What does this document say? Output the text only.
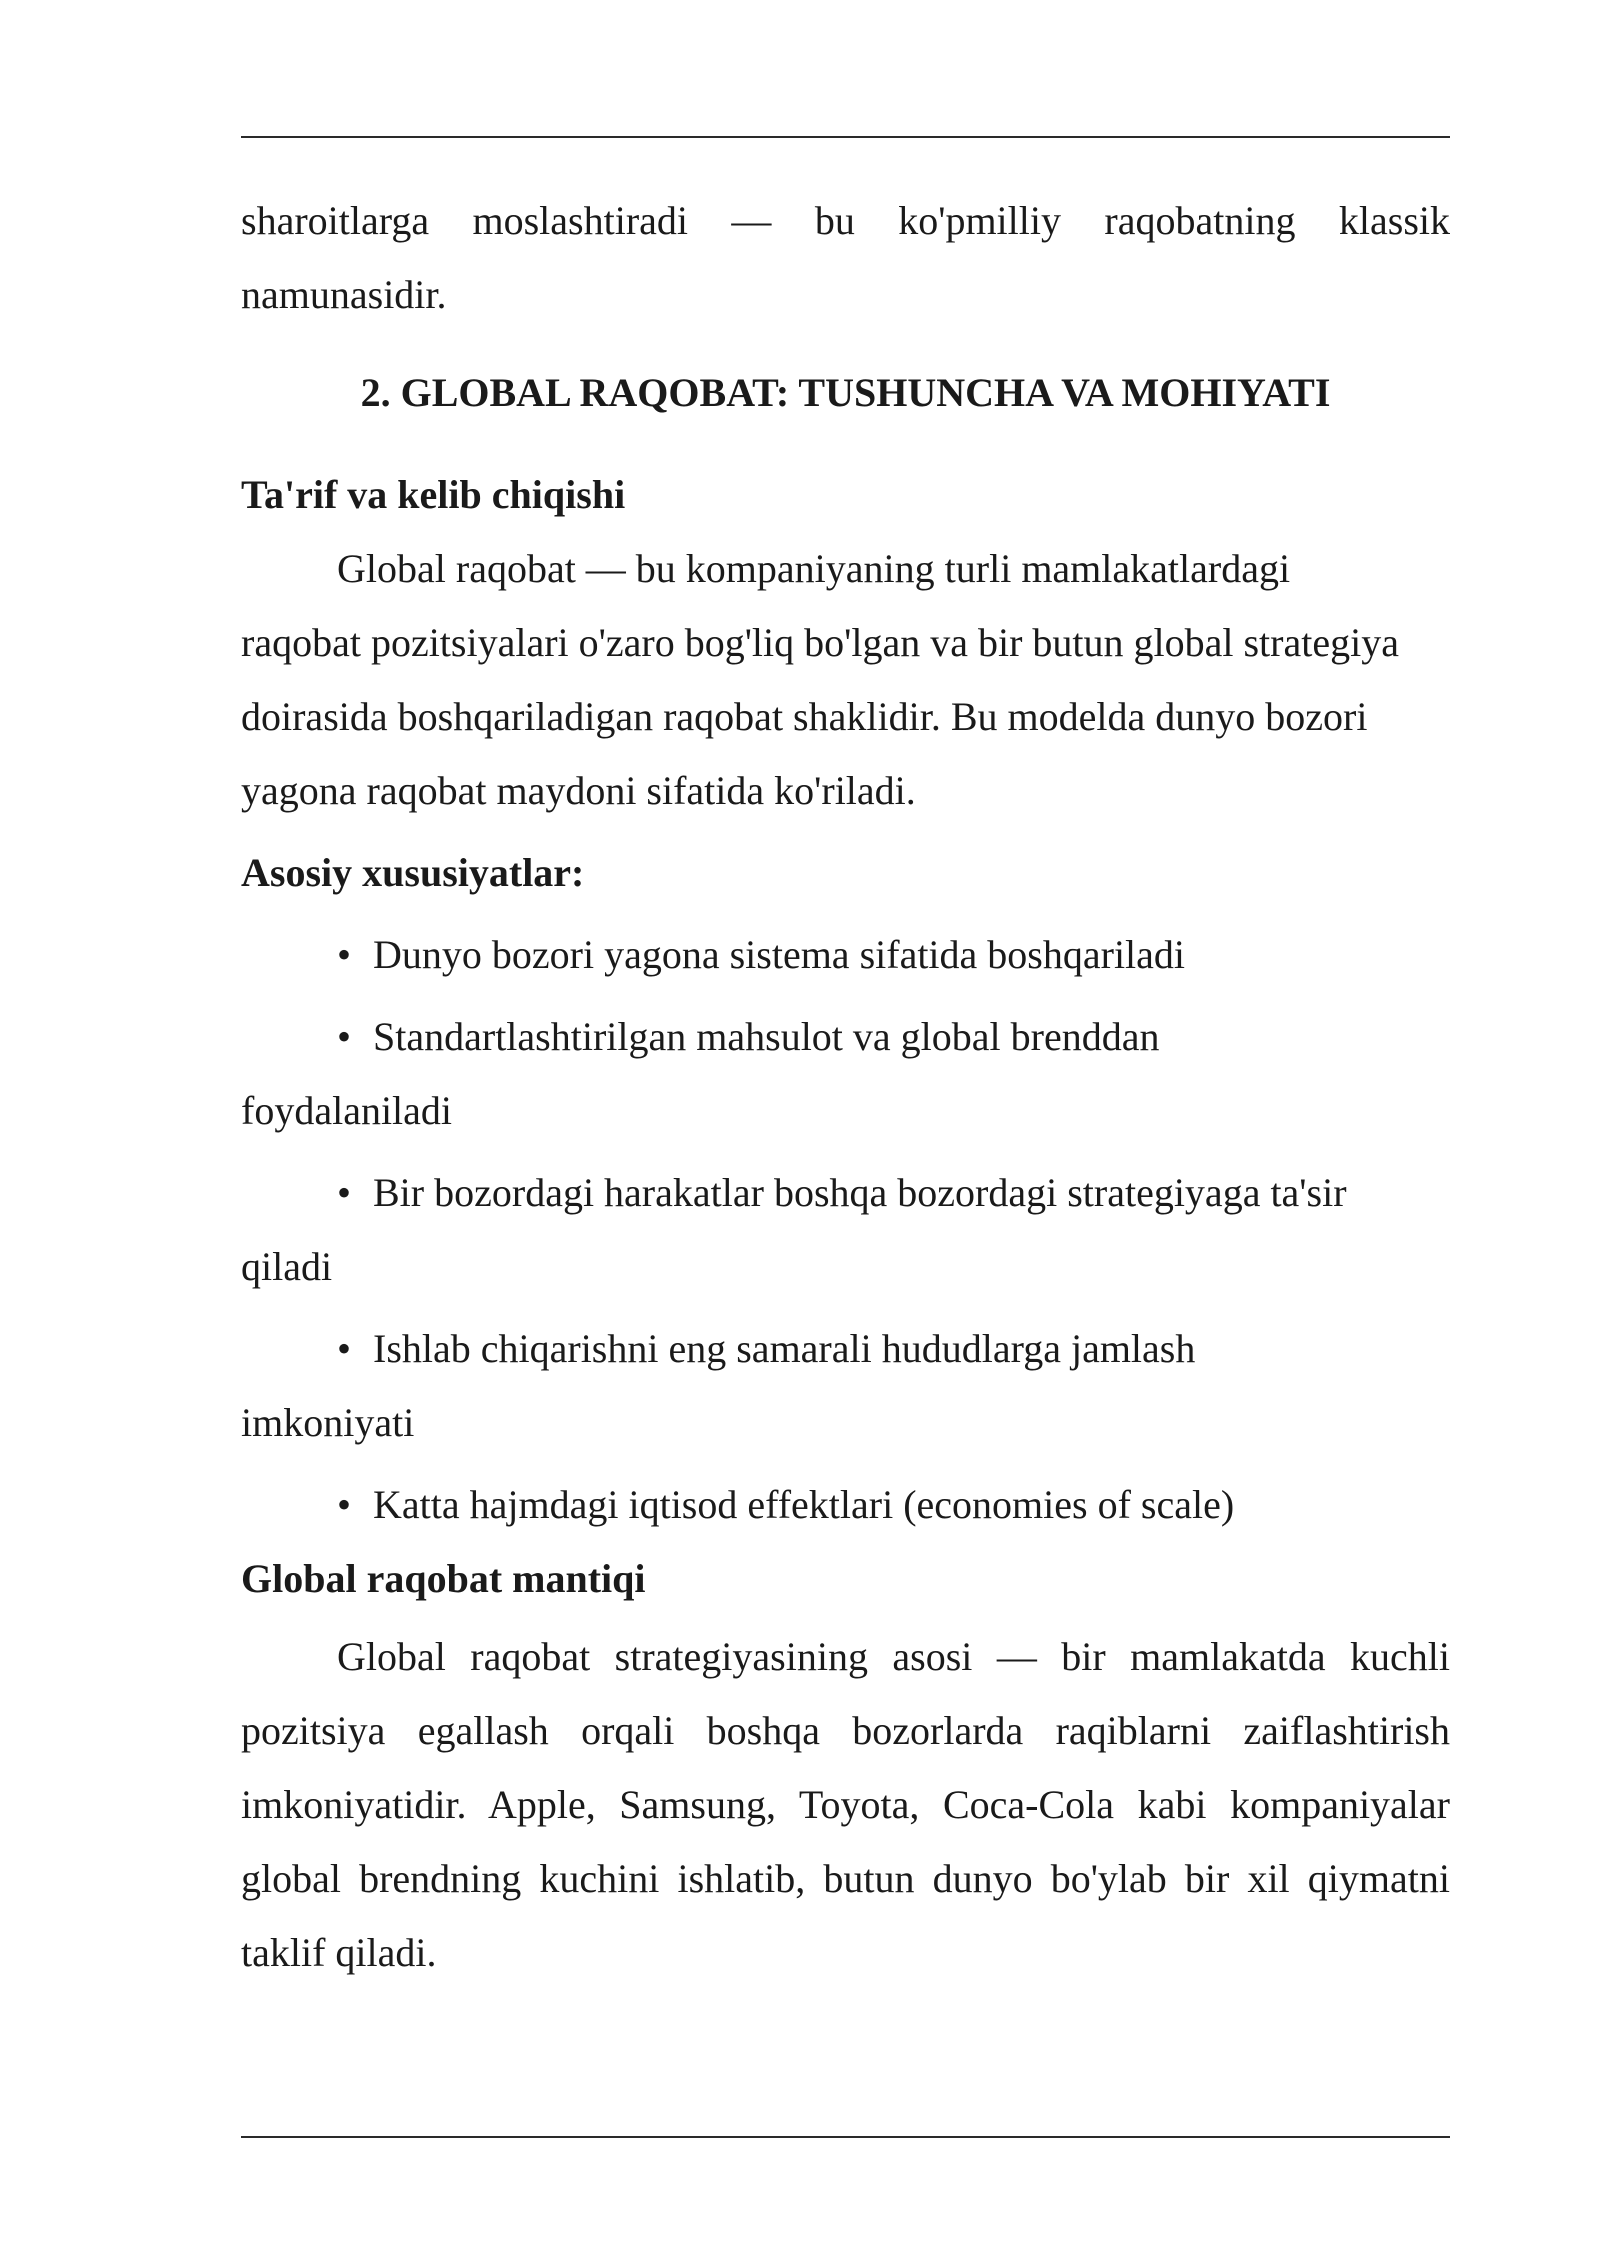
sharoitlarga moslashtiradi — bu ko'pmilliy raqobatning klassik

namunasidir.

2. GLOBAL RAQOBAT: TUSHUNCHA VA MOHIYATI
Ta'rif va kelib chiqishi

Global raqobat — bu kompaniyaning turli mamlakatlardagi raqobat pozitsiyalari o'zaro bog'liq bo'lgan va bir butun global strategiya doirasida boshqariladigan raqobat shaklidir. Bu modelda dunyo bozori yagona raqobat maydoni sifatida ko'riladi.

Asosiy xususiyatlar:
• Dunyo bozori yagona sistema sifatida boshqariladi
• Standartlashtirilgan mahsulot va global brenddan foydalaniladi
• Bir bozordagi harakatlar boshqa bozordagi strategiyaga ta'sir qiladi
• Ishlab chiqarishni eng samarali hududlarga jamlash imkoniyati
• Katta hajmdagi iqtisod effektlari (economies of scale)
Global raqobat mantiqi

Global raqobat strategiyasining asosi — bir mamlakatda kuchli pozitsiya egallash orqali boshqa bozorlarda raqiblarni zaiflashtirish imkoniyatidir. Apple, Samsung, Toyota, Coca-Cola kabi kompaniyalar global brendning kuchini ishlatib, butun dunyo bo'ylab bir xil qiymatni taklif qiladi.
